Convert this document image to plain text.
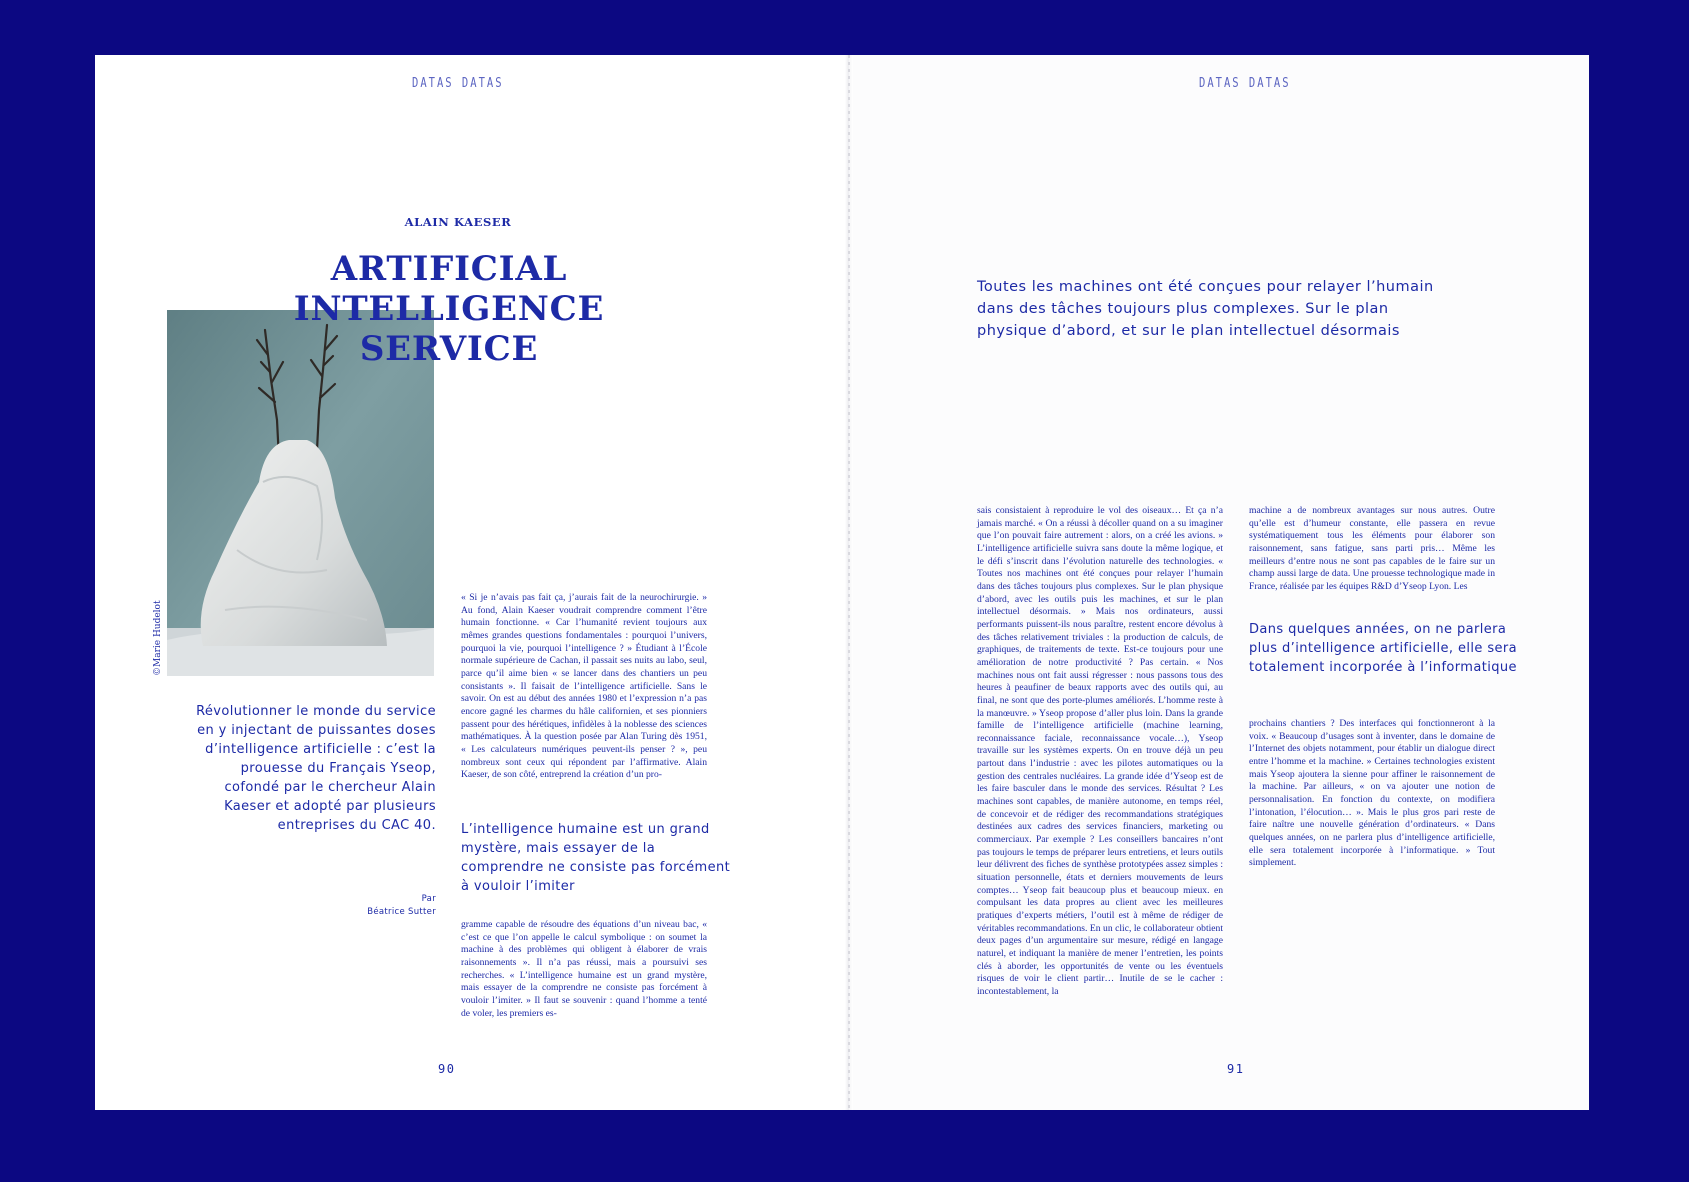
DATAS DATAS
ALAIN KAESER
©Marie Hudelot
ARTIFICIAL
INTELLIGENCE
SERVICE
Révolutionner le monde du service en y injectant de puissantes doses d’intelligence artificielle : c’est la prouesse du Français Yseop, cofondé par le chercheur Alain Kaeser et adopté par plusieurs entreprises du CAC 40.
Par
Béatrice Sutter
« Si je n’avais pas fait ça, j’aurais fait de la neurochirurgie. » Au fond, Alain Kaeser voudrait comprendre comment l’être humain fonctionne. « Car l’humanité revient toujours aux mêmes grandes questions fondamentales : pourquoi l’univers, pourquoi la vie, pourquoi l’intelligence ? » Étudiant à l’École normale supérieure de Cachan, il passait ses nuits au labo, seul, parce qu’il aime bien « se lancer dans des chantiers un peu consistants ». Il faisait de l’intelligence artificielle. Sans le savoir. On est au début des années 1980 et l’expression n’a pas encore gagné les charmes du hâle californien, et ses pionniers passent pour des hérétiques, infidèles à la noblesse des sciences mathématiques. À la question posée par Alan Turing dès 1951, « Les calculateurs numériques peuvent-ils penser ? », peu nombreux sont ceux qui répondent par l’affirmative. Alain Kaeser, de son côté, entreprend la création d’un pro-
L’intelligence humaine est un grand mystère, mais essayer de la comprendre ne consiste pas forcément à vouloir l’imiter
gramme capable de résoudre des équations d’un niveau bac, « c’est ce que l’on appelle le calcul symbolique : on soumet la machine à des problèmes qui obligent à élaborer de vrais raisonnements ». Il n’a pas réussi, mais a poursuivi ses recherches. « L’intelligence humaine est un grand mystère, mais essayer de la comprendre ne consiste pas forcément à vouloir l’imiter. » Il faut se souvenir : quand l’homme a tenté de voler, les premiers es-
90
DATAS DATAS
Toutes les machines ont été conçues pour relayer l’humain dans des tâches toujours plus complexes. Sur le plan physique d’abord, et sur le plan intellectuel désormais
sais consistaient à reproduire le vol des oiseaux… Et ça n’a jamais marché. « On a réussi à décoller quand on a su imaginer que l’on pouvait faire autrement : alors, on a créé les avions. » L’intelligence artificielle suivra sans doute la même logique, et le défi s’inscrit dans l’évolution naturelle des technologies. « Toutes nos machines ont été conçues pour relayer l’humain dans des tâches toujours plus complexes. Sur le plan physique d’abord, avec les outils puis les machines, et sur le plan intellectuel désormais. » Mais nos ordinateurs, aussi performants puissent-ils nous paraître, restent encore dévolus à des tâches relativement triviales : la production de calculs, de graphiques, de traitements de texte. Est-ce toujours pour une amélioration de notre productivité ? Pas certain. « Nos machines nous ont fait aussi régresser : nous passons tous des heures à peaufiner de beaux rapports avec des outils qui, au final, ne sont que des porte-plumes améliorés. L’homme reste à la manœuvre. » Yseop propose d’aller plus loin. Dans la grande famille de l’intelligence artificielle (machine learning, reconnaissance faciale, reconnaissance vocale…), Yseop travaille sur les systèmes experts. On en trouve déjà un peu partout dans l’industrie : avec les pilotes automatiques ou la gestion des centrales nucléaires. La grande idée d’Yseop est de les faire basculer dans le monde des services. Résultat ? Les machines sont capables, de manière autonome, en temps réel, de concevoir et de rédiger des recommandations stratégiques destinées aux cadres des services financiers, marketing ou commerciaux. Par exemple ? Les conseillers bancaires n’ont pas toujours le temps de préparer leurs entretiens, et leurs outils leur délivrent des fiches de synthèse prototypées assez simples : situation personnelle, états et derniers mouvements de leurs comptes… Yseop fait beaucoup plus et beaucoup mieux. en compulsant les data propres au client avec les meilleures pratiques d’experts métiers, l’outil est à même de rédiger de véritables recommandations. En un clic, le collaborateur obtient deux pages d’un argumentaire sur mesure, rédigé en langage naturel, et indiquant la manière de mener l’entretien, les points clés à aborder, les opportunités de vente ou les éventuels risques de voir le client partir… Inutile de se le cacher : incontestablement, la
machine a de nombreux avantages sur nous autres. Outre qu’elle est d’humeur constante, elle passera en revue systématiquement tous les éléments pour élaborer son raisonnement, sans fatigue, sans parti pris… Même les meilleurs d’entre nous ne sont pas capables de le faire sur un champ aussi large de data. Une prouesse technologique made in France, réalisée par les équipes R&D d’Yseop Lyon. Les
Dans quelques années, on ne parlera plus d’intelligence artificielle, elle sera totalement incorporée à l’informatique
prochains chantiers ? Des interfaces qui fonctionneront à la voix. « Beaucoup d’usages sont à inventer, dans le domaine de l’Internet des objets notamment, pour établir un dialogue direct entre l’homme et la machine. » Certaines technologies existent mais Yseop ajoutera la sienne pour affiner le raisonnement de la machine. Par ailleurs, « on va ajouter une notion de personnalisation. En fonction du contexte, on modifiera l’intonation, l’élocution… ». Mais le plus gros pari reste de faire naître une nouvelle génération d’ordinateurs. « Dans quelques années, on ne parlera plus d’intelligence artificielle, elle sera totalement incorporée à l’informatique. » Tout simplement.
91
